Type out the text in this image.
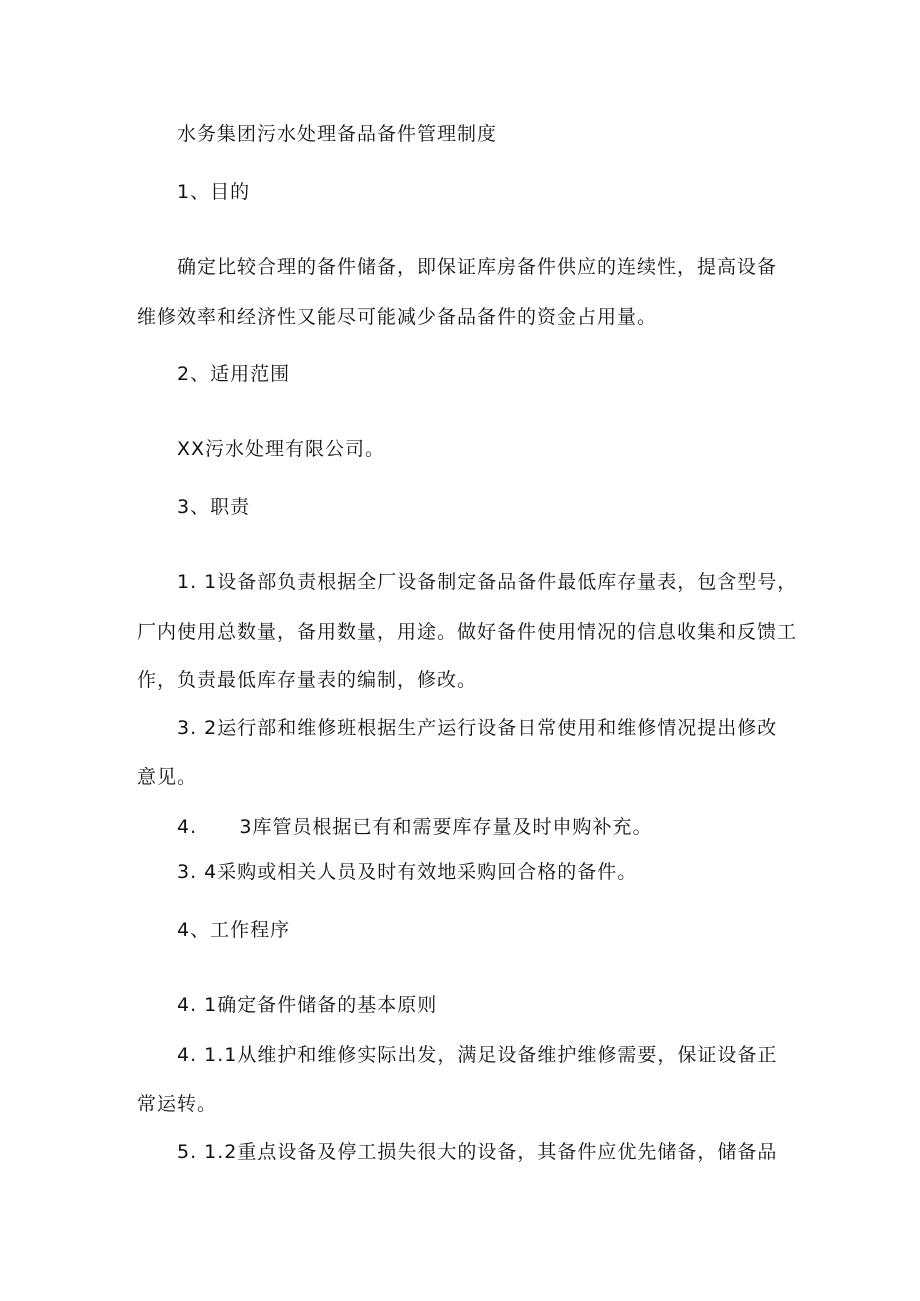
水务集团污水处理备品备件管理制度
1、目的
确定比较合理的备件储备，即保证库房备件供应的连续性，提高设备
维修效率和经济性又能尽可能减少备品备件的资金占用量。
2、适用范围
XX污水处理有限公司。
3、职责
1. 1设备部负责根据全厂设备制定备品备件最低库存量表，包含型号，
厂内使用总数量，备用数量，用途。做好备件使用情况的信息收集和反馈工
作，负责最低库存量表的编制，修改。
3. 2运行部和维修班根据生产运行设备日常使用和维修情况提出修改
意见。
4.      3库管员根据已有和需要库存量及时申购补充。
3. 4采购或相关人员及时有效地采购回合格的备件。
4、工作程序
4. 1确定备件储备的基本原则
4. 1.1从维护和维修实际出发，满足设备维护维修需要，保证设备正
常运转。
5. 1.2重点设备及停工损失很大的设备，其备件应优先储备，储备品
